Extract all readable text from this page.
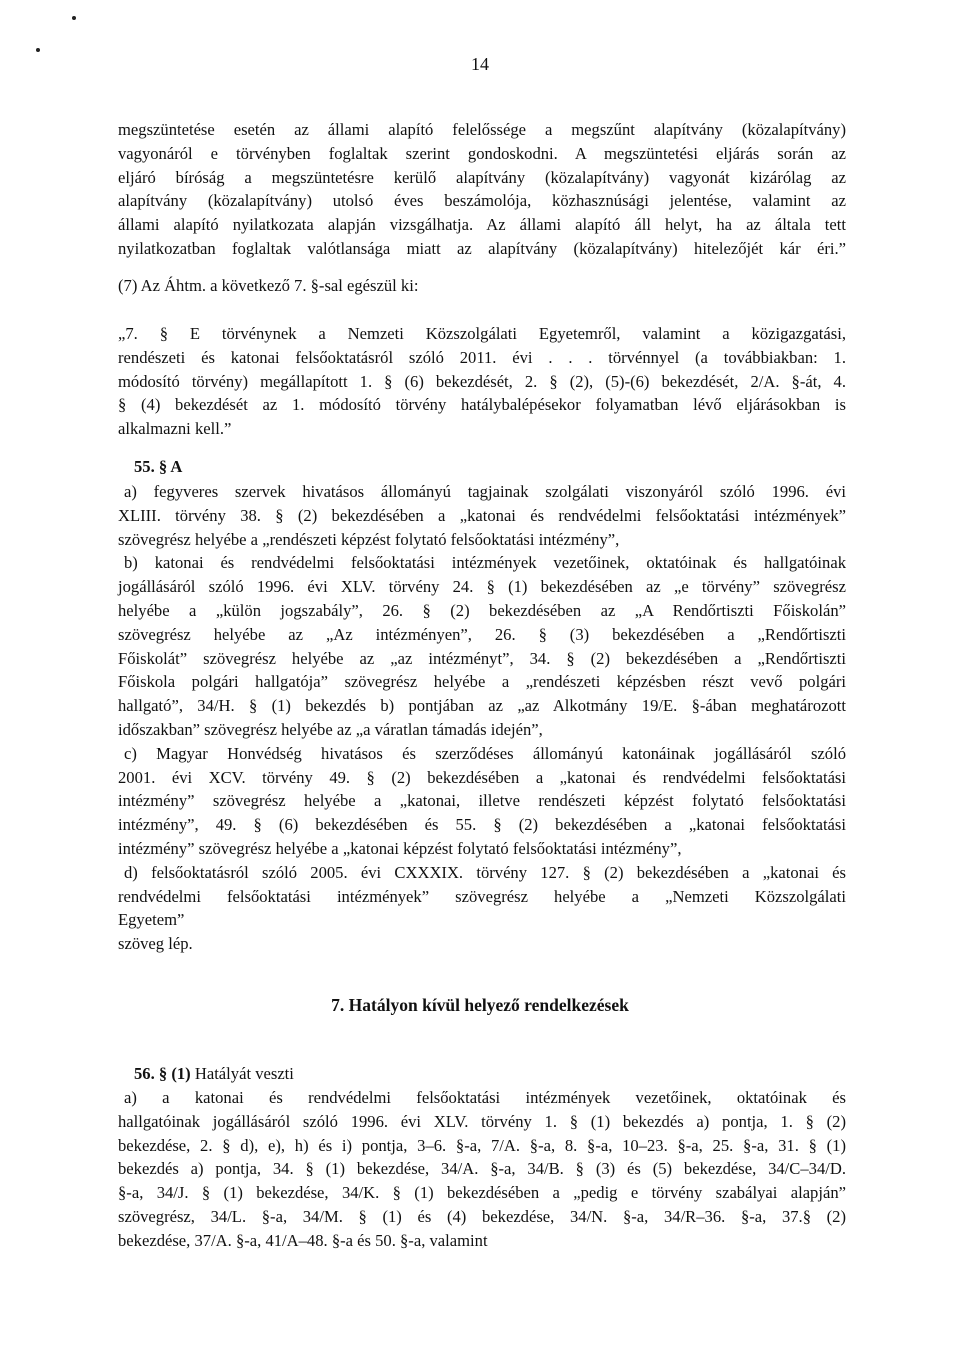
14
megszüntetése esetén az állami alapító felelőssége a megszűnt alapítvány (közalapítvány)
vagyonáról e törvényben foglaltak szerint gondoskodni. A megszüntetési eljárás során az
eljáró bíróság a megszüntetésre kerülő alapítvány (közalapítvány) vagyonát kizárólag az
alapítvány (közalapítvány) utolsó éves beszámolója, közhasznúsági jelentése, valamint az
állami alapító nyilatkozata alapján vizsgálhatja. Az állami alapító áll helyt, ha az általa tett
nyilatkozatban foglaltak valótlansága miatt az alapítvány (közalapítvány) hitelezőjét kár éri.”
(7) Az Áhtm. a következő 7. §-sal egészül ki:
„7. § E törvénynek a Nemzeti Közszolgálati Egyetemről, valamint a közigazgatási,
rendészeti és katonai felsőoktatásról szóló 2011. évi . . . törvénnyel (a továbbiakban: 1.
módosító törvény) megállapított 1. § (6) bekezdését, 2. § (2), (5)-(6) bekezdését, 2/A. §-át, 4.
§ (4) bekezdését az 1. módosító törvény hatálybalépésekor folyamatban lévő eljárásokban is
alkalmazni kell.”
55. § A
a) fegyveres szervek hivatásos állományú tagjainak szolgálati viszonyáról szóló 1996. évi
XLIII. törvény 38. § (2) bekezdésében a „katonai és rendvédelmi felsőoktatási intézmények”
szövegrész helyébe a „rendészeti képzést folytató felsőoktatási intézmény”,
b) katonai és rendvédelmi felsőoktatási intézmények vezetőinek, oktatóinak és hallgatóinak
jogállásáról szóló 1996. évi XLV. törvény 24. § (1) bekezdésében az „e törvény” szövegrész
helyébe a „külön jogszabály”, 26. § (2) bekezdésében az „A Rendőrtiszti Főiskolán”
szövegrész helyébe az „Az intézményen”, 26. § (3) bekezdésében a „Rendőrtiszti
Főiskolát” szövegrész helyébe az „az intézményt”, 34. § (2) bekezdésében a „Rendőrtiszti
Főiskola polgári hallgatója” szövegrész helyébe a „rendészeti képzésben részt vevő polgári
hallgató”, 34/H. § (1) bekezdés b) pontjában az „az Alkotmány 19/E. §-ában meghatározott
időszakban” szövegrész helyébe az „a váratlan támadás idején”,
c) Magyar Honvédség hivatásos és szerződéses állományú katonáinak jogállásáról szóló
2001. évi XCV. törvény 49. § (2) bekezdésében a „katonai és rendvédelmi felsőoktatási
intézmény” szövegrész helyébe a „katonai, illetve rendészeti képzést folytató felsőoktatási
intézmény”, 49. § (6) bekezdésében és 55. § (2) bekezdésében a „katonai felsőoktatási
intézmény” szövegrész helyébe a „katonai képzést folytató felsőoktatási intézmény”,
d) felsőoktatásról szóló 2005. évi CXXXIX. törvény 127. § (2) bekezdésében a „katonai és
rendvédelmi felsőoktatási intézmények” szövegrész helyébe a „Nemzeti Közszolgálati
Egyetem”
szöveg lép.
7. Hatályon kívül helyező rendelkezések
56. § (1) Hatályát veszti
a) a katonai és rendvédelmi felsőoktatási intézmények vezetőinek, oktatóinak és
hallgatóinak jogállásáról szóló 1996. évi XLV. törvény 1. § (1) bekezdés a) pontja, 1. § (2)
bekezdése, 2. § d), e), h) és i) pontja, 3–6. §-a, 7/A. §-a, 8. §-a, 10–23. §-a, 25. §-a, 31. § (1)
bekezdés a) pontja, 34. § (1) bekezdése, 34/A. §-a, 34/B. § (3) és (5) bekezdése, 34/C–34/D.
§-a, 34/J. § (1) bekezdése, 34/K. § (1) bekezdésében a „pedig e törvény szabályai alapján”
szövegrész, 34/L. §-a, 34/M. § (1) és (4) bekezdése, 34/N. §-a, 34/R–36. §-a, 37.§ (2)
bekezdése, 37/A. §-a, 41/A–48. §-a és 50. §-a, valamint
